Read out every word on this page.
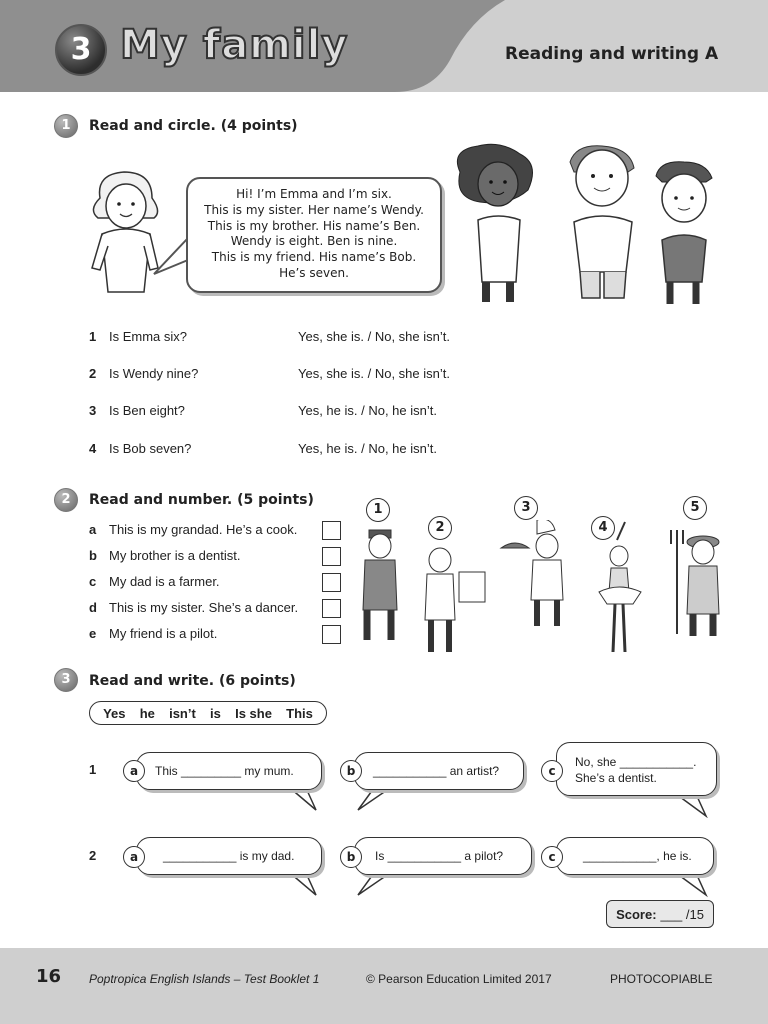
3 My family	Reading and writing A
1	Read and circle. (4 points)
Hi! I’m Emma and I’m six.
This is my sister. Her name’s Wendy.
This is my brother. His name’s Ben.
Wendy is eight. Ben is nine.
This is my friend. His name’s Bob.
He’s seven.
1 Is Emma six?	Yes, she is. / No, she isn’t.
2 Is Wendy nine?	Yes, she is. / No, she isn’t.
3 Is Ben eight?	Yes, he is. / No, he isn’t.
4 Is Bob seven?	Yes, he is. / No, he isn’t.
2	Read and number. (5 points)
a This is my grandad. He’s a cook.
b My brother is a dentist.
c My dad is a farmer.
d This is my sister. She’s a dancer.
e My friend is a pilot.
1
2
3
4
5
3	Read and write. (6 points)
Yes he isn’t is Is she This
1	This _________ my mum.
a	___________ an artist?
b
No, she ___________.
She’s a dentist.
c
2	___________ is my dad.
a	Is ___________ a pilot?
b	___________, he is.
c
Score: ___ /15
16 Poptropica English Islands – Test Booklet 1	© Pearson Education Limited 2017	PHOTOCOPIABLE
